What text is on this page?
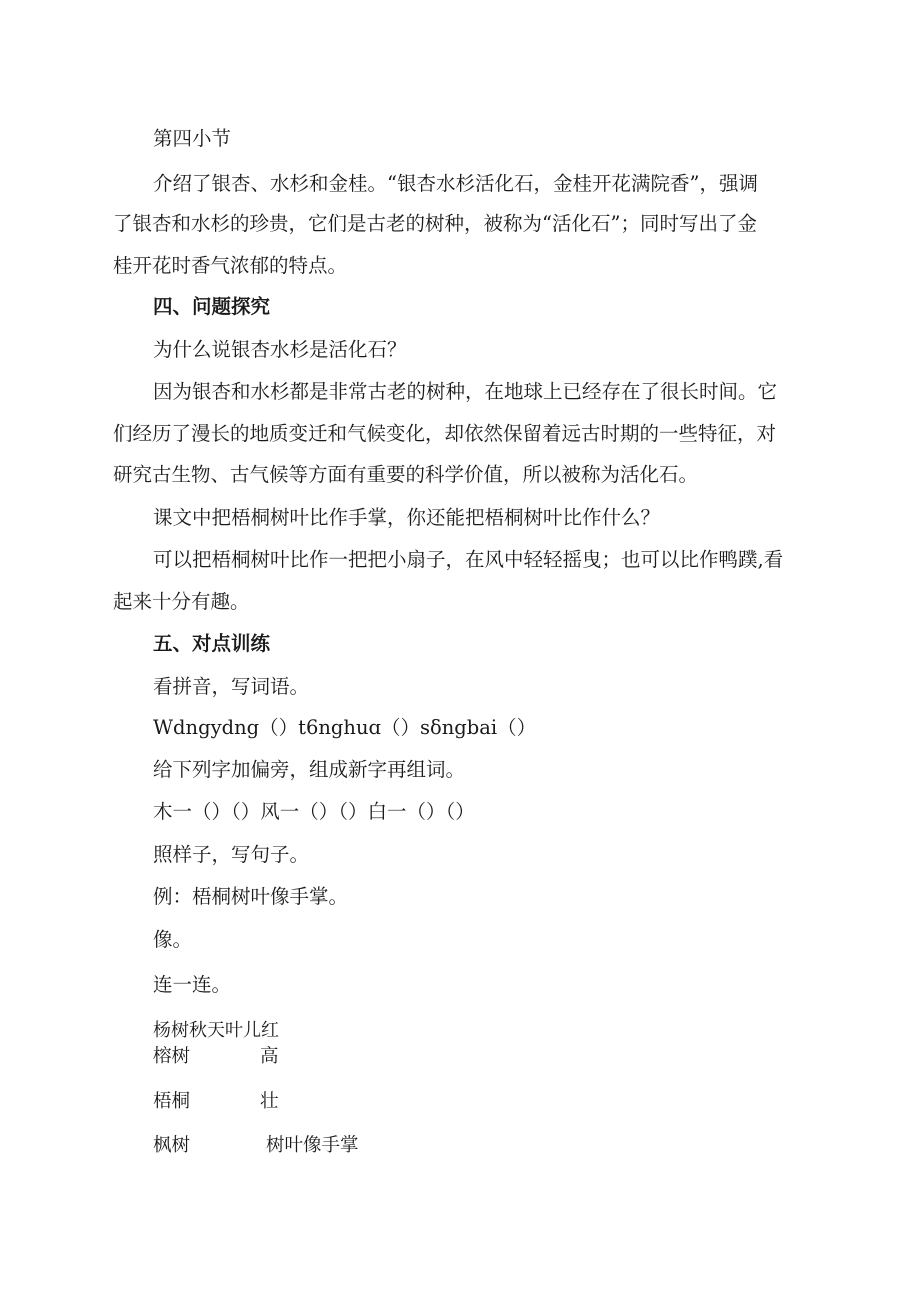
第四小节
介绍了银杏、水杉和金桂。“银杏水杉活化石，金桂开花满院香”，强调
了银杏和水杉的珍贵，它们是古老的树种，被称为“活化石”；同时写出了金
桂开花时香气浓郁的特点。
四、问题探究
为什么说银杏水杉是活化石？
因为银杏和水杉都是非常古老的树种，在地球上已经存在了很长时间。它
们经历了漫长的地质变迁和气候变化，却依然保留着远古时期的一些特征，对
研究古生物、古气候等方面有重要的科学价值，所以被称为活化石。
课文中把梧桐树叶比作手掌，你还能把梧桐树叶比作什么？
可以把梧桐树叶比作一把把小扇子，在风中轻轻摇曳；也可以比作鸭蹼,看
起来十分有趣。
五、对点训练
看拼音，写词语。
Wdngydng（）t6nghuɑ（）sδngbai（）
给下列字加偏旁，组成新字再组词。
木一（）（）风一（）（）白一（）（）
照样子，写句子。
例：梧桐树叶像手掌。
像。
连一连。
杨树秋天叶儿红
榕树	高
梧桐	壮
枫树	树叶像手掌
